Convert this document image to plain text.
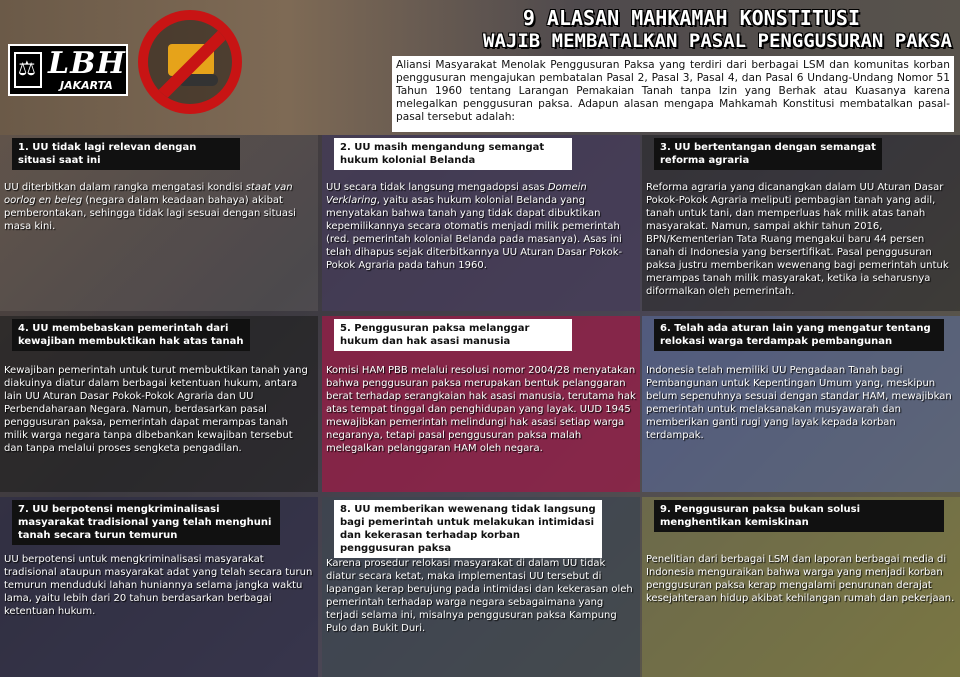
⚖
LBH
JAKARTA
9 ALASAN MAHKAMAH KONSTITUSI
WAJIB MEMBATALKAN PASAL PENGGUSURAN PAKSA
Aliansi Masyarakat Menolak Penggusuran Paksa yang terdiri dari berbagai LSM dan komunitas korban penggusuran mengajukan pembatalan Pasal 2, Pasal 3, Pasal 4, dan Pasal 6 Undang-Undang Nomor 51 Tahun 1960 tentang Larangan Pemakaian Tanah tanpa Izin yang Berhak atau Kuasanya karena melegalkan penggusuran paksa. Adapun alasan mengapa Mahkamah Konstitusi membatalkan pasal-pasal tersebut adalah:
1. UU tidak lagi relevan dengan situasi saat ini
UU diterbitkan dalam rangka mengatasi kondisi staat van oorlog en beleg (negara dalam keadaan bahaya) akibat pemberontakan, sehingga tidak lagi sesuai dengan situasi masa kini.
2. UU masih mengandung semangat hukum kolonial Belanda
UU secara tidak langsung mengadopsi asas Domein Verklaring, yaitu asas hukum kolonial Belanda yang menyatakan bahwa tanah yang tidak dapat dibuktikan kepemilikannya secara otomatis menjadi milik pemerintah (red. pemerintah kolonial Belanda pada masanya). Asas ini telah dihapus sejak diterbitkannya UU Aturan Dasar Pokok-Pokok Agraria pada tahun 1960.
3. UU bertentangan dengan semangat reforma agraria
Reforma agraria yang dicanangkan dalam UU Aturan Dasar Pokok-Pokok Agraria meliputi pembagian tanah yang adil, tanah untuk tani, dan memperluas hak milik atas tanah masyarakat. Namun, sampai akhir tahun 2016, BPN/Kementerian Tata Ruang mengakui baru 44 persen tanah di Indonesia yang bersertifikat. Pasal penggusuran paksa justru memberikan wewenang bagi pemerintah untuk merampas tanah milik masyarakat, ketika ia seharusnya diformalkan oleh pemerintah.
4. UU membebaskan pemerintah dari kewajiban membuktikan hak atas tanah
Kewajiban pemerintah untuk turut membuktikan tanah yang diakuinya diatur dalam berbagai ketentuan hukum, antara lain UU Aturan Dasar Pokok-Pokok Agraria dan UU Perbendaharaan Negara. Namun, berdasarkan pasal penggusuran paksa, pemerintah dapat merampas tanah milik warga negara tanpa dibebankan kewajiban tersebut dan tanpa melalui proses sengketa pengadilan.
5. Penggusuran paksa melanggar hukum dan hak asasi manusia
Komisi HAM PBB melalui resolusi nomor 2004/28 menyatakan bahwa penggusuran paksa merupakan bentuk pelanggaran berat terhadap serangkaian hak asasi manusia, terutama hak atas tempat tinggal dan penghidupan yang layak. UUD 1945 mewajibkan pemerintah melindungi hak asasi setiap warga negaranya, tetapi pasal penggusuran paksa malah melegalkan pelanggaran HAM oleh negara.
6. Telah ada aturan lain yang mengatur tentang relokasi warga terdampak pembangunan
Indonesia telah memiliki UU Pengadaan Tanah bagi Pembangunan untuk Kepentingan Umum yang, meskipun belum sepenuhnya sesuai dengan standar HAM, mewajibkan pemerintah untuk melaksanakan musyawarah dan memberikan ganti rugi yang layak kepada korban terdampak.
7. UU berpotensi mengkriminalisasi masyarakat tradisional yang telah menghuni tanah secara turun temurun
UU berpotensi untuk mengkriminalisasi masyarakat tradisional ataupun masyarakat adat yang telah secara turun temurun menduduki lahan huniannya selama jangka waktu lama, yaitu lebih dari 20 tahun berdasarkan berbagai ketentuan hukum.
8. UU memberikan wewenang tidak langsung bagi pemerintah untuk melakukan intimidasi dan kekerasan terhadap korban penggusuran paksa
Karena prosedur relokasi masyarakat di dalam UU tidak diatur secara ketat, maka implementasi UU tersebut di lapangan kerap berujung pada intimidasi dan kekerasan oleh pemerintah terhadap warga negara sebagaimana yang terjadi selama ini, misalnya penggusuran paksa Kampung Pulo dan Bukit Duri.
9. Penggusuran paksa bukan solusi menghentikan kemiskinan
Penelitian dari berbagai LSM dan laporan berbagai media di Indonesia menguraikan bahwa warga yang menjadi korban penggusuran paksa kerap mengalami penurunan derajat kesejahteraan hidup akibat kehilangan rumah dan pekerjaan.
